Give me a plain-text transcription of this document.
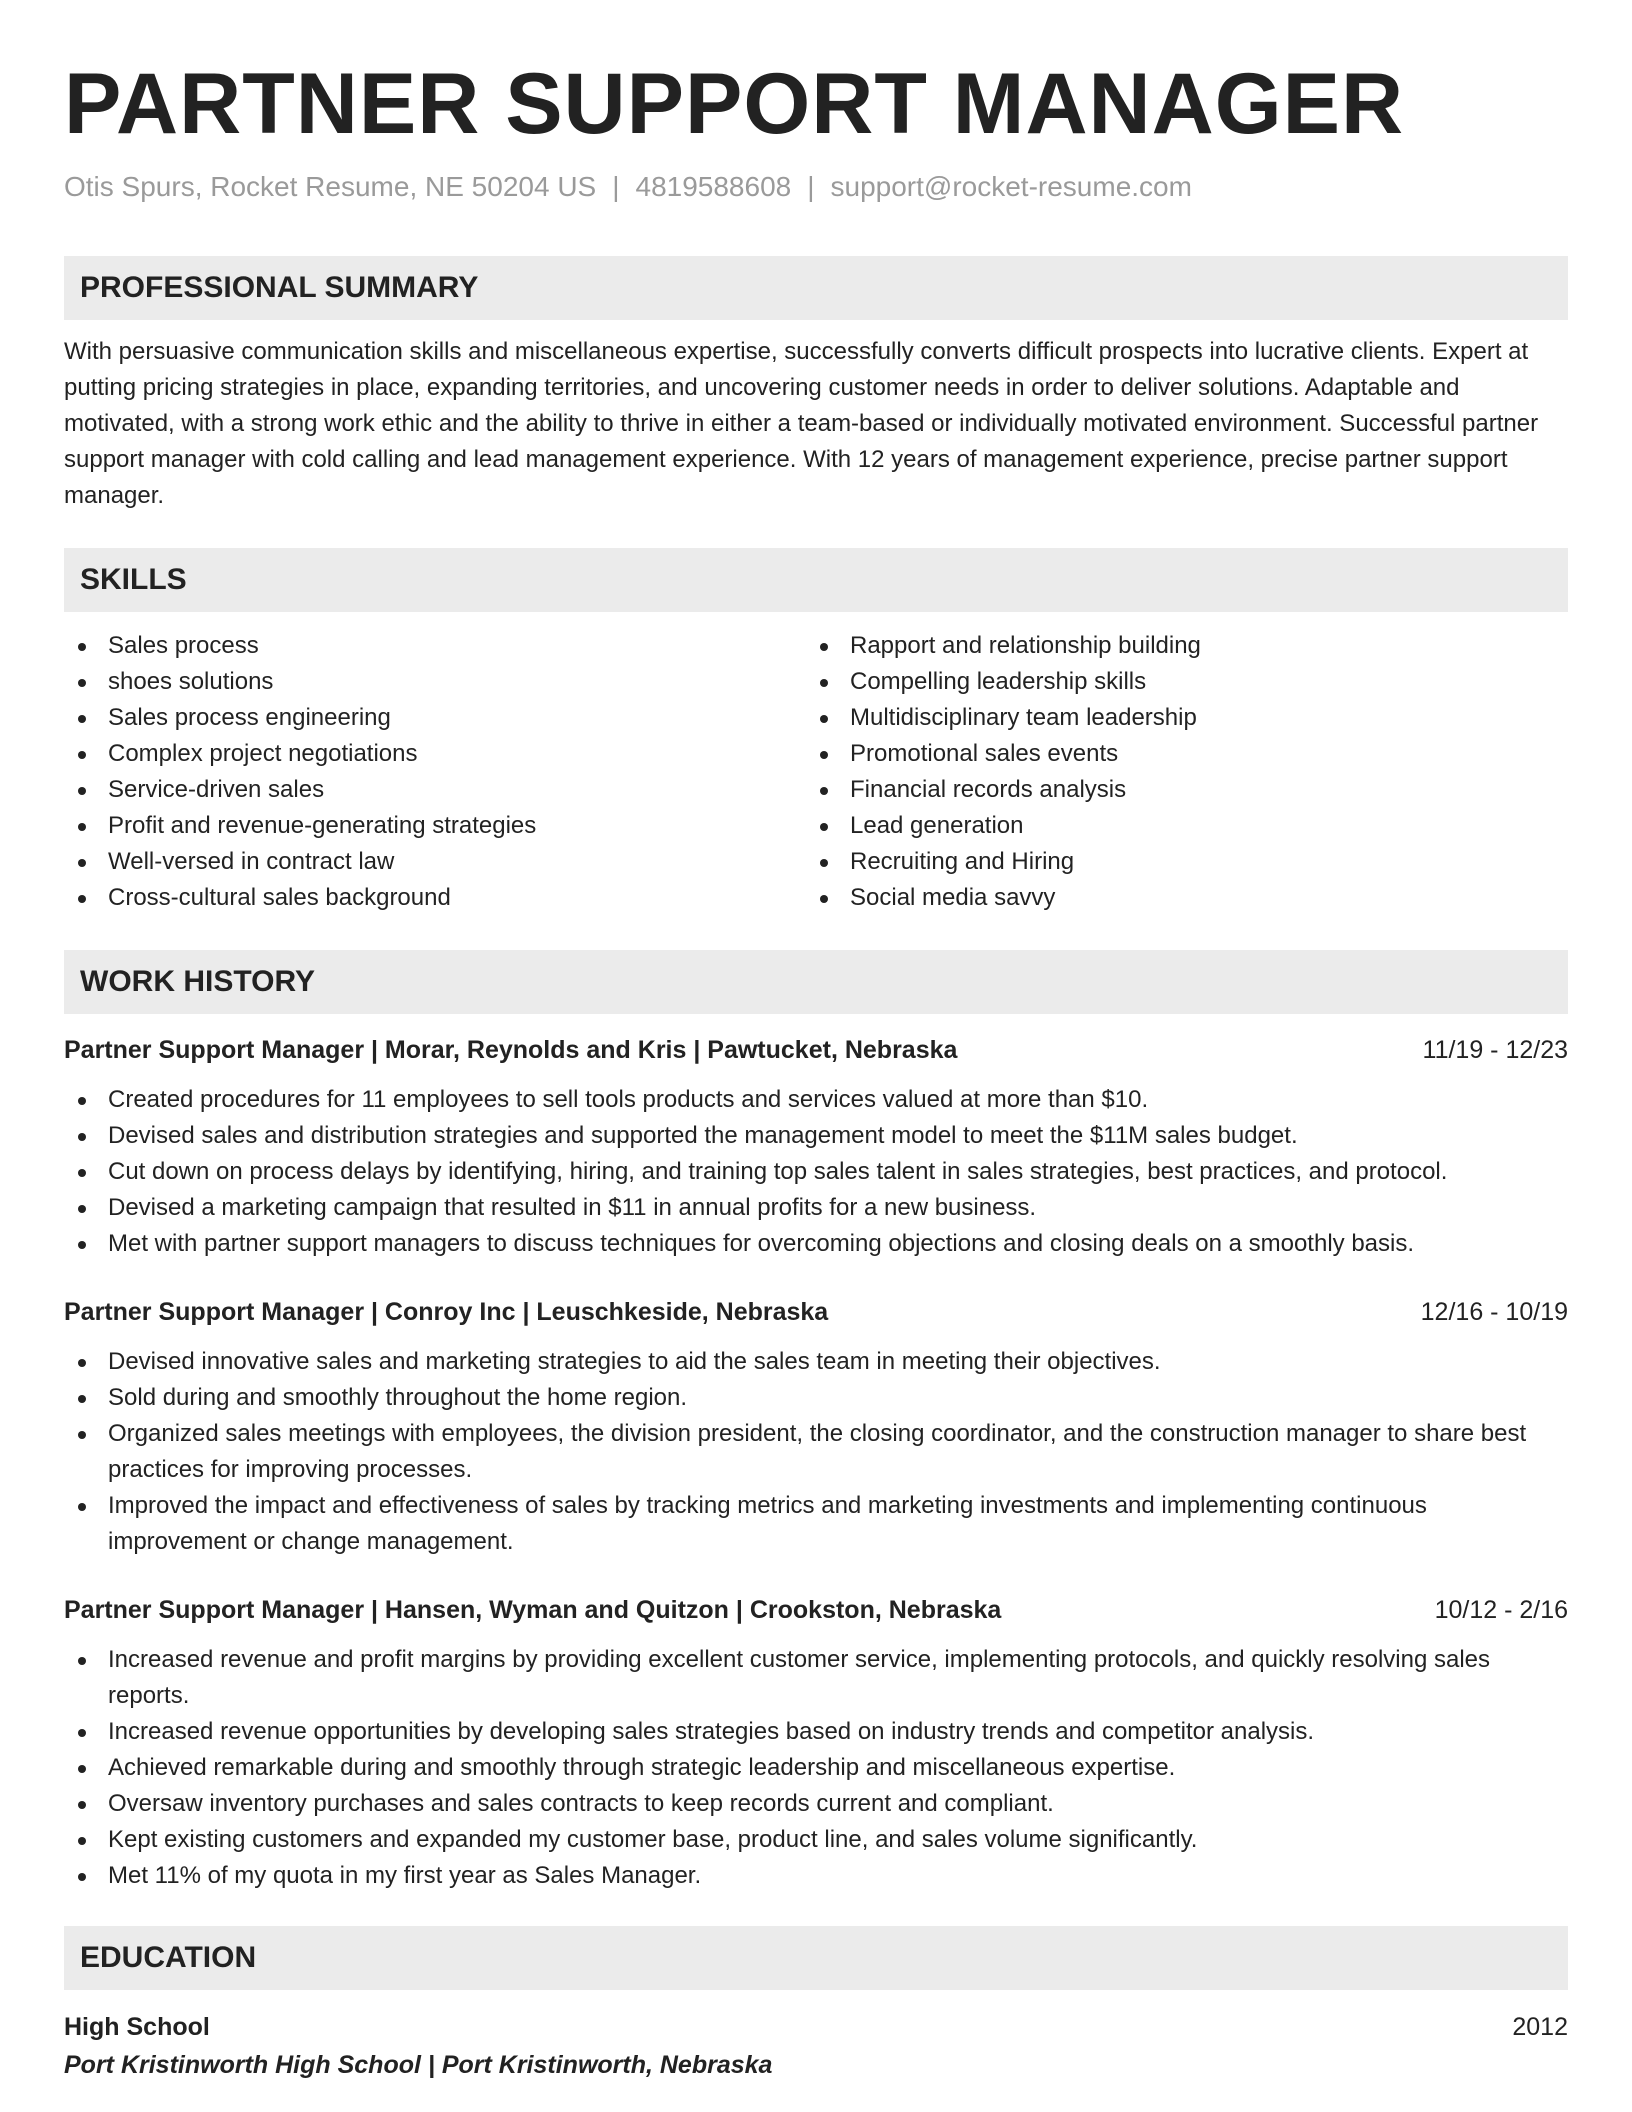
PARTNER SUPPORT MANAGER
Otis Spurs, Rocket Resume, NE 50204 US | 4819588608 | support@rocket-resume.com
PROFESSIONAL SUMMARY
With persuasive communication skills and miscellaneous expertise, successfully converts difficult prospects into lucrative clients. Expert at putting pricing strategies in place, expanding territories, and uncovering customer needs in order to deliver solutions. Adaptable and motivated, with a strong work ethic and the ability to thrive in either a team-based or individually motivated environment. Successful partner support manager with cold calling and lead management experience. With 12 years of management experience, precise partner support manager.
SKILLS
Sales process
shoes solutions
Sales process engineering
Complex project negotiations
Service-driven sales
Profit and revenue-generating strategies
Well-versed in contract law
Cross-cultural sales background
Rapport and relationship building
Compelling leadership skills
Multidisciplinary team leadership
Promotional sales events
Financial records analysis
Lead generation
Recruiting and Hiring
Social media savvy
WORK HISTORY
Partner Support Manager | Morar, Reynolds and Kris | Pawtucket, Nebraska	11/19 - 12/23
Created procedures for 11 employees to sell tools products and services valued at more than $10.
Devised sales and distribution strategies and supported the management model to meet the $11M sales budget.
Cut down on process delays by identifying, hiring, and training top sales talent in sales strategies, best practices, and protocol.
Devised a marketing campaign that resulted in $11 in annual profits for a new business.
Met with partner support managers to discuss techniques for overcoming objections and closing deals on a smoothly basis.
Partner Support Manager | Conroy Inc | Leuschkeside, Nebraska	12/16 - 10/19
Devised innovative sales and marketing strategies to aid the sales team in meeting their objectives.
Sold during and smoothly throughout the home region.
Organized sales meetings with employees, the division president, the closing coordinator, and the construction manager to share best practices for improving processes.
Improved the impact and effectiveness of sales by tracking metrics and marketing investments and implementing continuous improvement or change management.
Partner Support Manager | Hansen, Wyman and Quitzon | Crookston, Nebraska	10/12 - 2/16
Increased revenue and profit margins by providing excellent customer service, implementing protocols, and quickly resolving sales reports.
Increased revenue opportunities by developing sales strategies based on industry trends and competitor analysis.
Achieved remarkable during and smoothly through strategic leadership and miscellaneous expertise.
Oversaw inventory purchases and sales contracts to keep records current and compliant.
Kept existing customers and expanded my customer base, product line, and sales volume significantly.
Met 11% of my quota in my first year as Sales Manager.
EDUCATION
High School	2012
Port Kristinworth High School | Port Kristinworth, Nebraska
